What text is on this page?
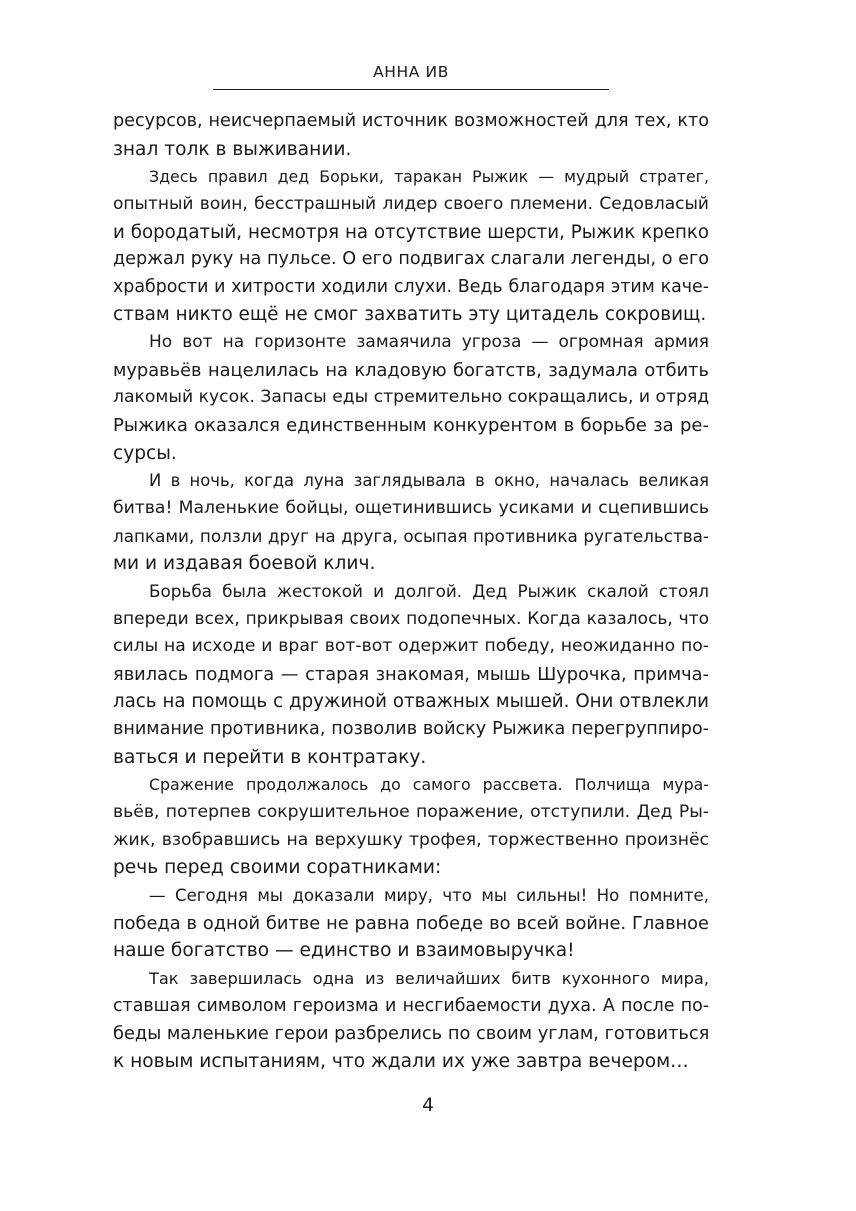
АННА ИВ
ресурсов, неисчерпаемый источник возможностей для тех, кто
знал толк в выживании.
Здесь правил дед Борьки, таракан Рыжик — мудрый стратег,
опытный воин, бесстрашный лидер своего племени. Седовласый
и бородатый, несмотря на отсутствие шерсти, Рыжик крепко
держал руку на пульсе. О его подвигах слагали легенды, о его
храбрости и хитрости ходили слухи. Ведь благодаря этим каче-
ствам никто ещё не смог захватить эту цитадель сокровищ.
Но вот на горизонте замаячила угроза — огромная армия
муравьёв нацелилась на кладовую богатств, задумала отбить
лакомый кусок. Запасы еды стремительно сокращались, и отряд
Рыжика оказался единственным конкурентом в борьбе за ре-
сурсы.
И в ночь, когда луна заглядывала в окно, началась великая
битва! Маленькие бойцы, ощетинившись усиками и сцепившись
лапками, ползли друг на друга, осыпая противника ругательства-
ми и издавая боевой клич.
Борьба была жестокой и долгой. Дед Рыжик скалой стоял
впереди всех, прикрывая своих подопечных. Когда казалось, что
силы на исходе и враг вот-вот одержит победу, неожиданно по-
явилась подмога — старая знакомая, мышь Шурочка, примча-
лась на помощь с дружиной отважных мышей. Они отвлекли
внимание противника, позволив войску Рыжика перегруппиро-
ваться и перейти в контратаку.
Сражение продолжалось до самого рассвета. Полчища мура-
вьёв, потерпев сокрушительное поражение, отступили. Дед Ры-
жик, взобравшись на верхушку трофея, торжественно произнёс
речь перед своими соратниками:
— Сегодня мы доказали миру, что мы сильны! Но помните,
победа в одной битве не равна победе во всей войне. Главное
наше богатство — единство и взаимовыручка!
Так завершилась одна из величайших битв кухонного мира,
ставшая символом героизма и несгибаемости духа. А после по-
беды маленькие герои разбрелись по своим углам, готовиться
к новым испытаниям, что ждали их уже завтра вечером…
4
